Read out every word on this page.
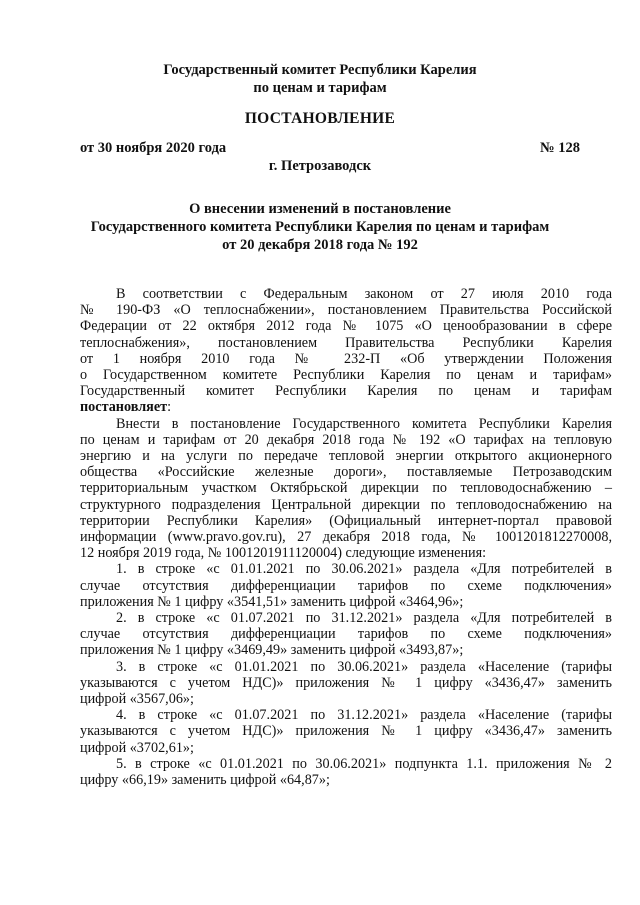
Государственный комитет Республики Карелия
по ценам и тарифам
ПОСТАНОВЛЕНИЕ
от 30 ноября 2020 года	№ 128
г. Петрозаводск
О внесении изменений в постановление
Государственного комитета Республики Карелия по ценам и тарифам
от 20 декабря 2018 года № 192
В соответствии с Федеральным законом от 27 июля 2010 года
№ 190-ФЗ «О теплоснабжении», постановлением Правительства Российской
Федерации от 22 октября 2012 года № 1075 «О ценообразовании в сфере
теплоснабжения», постановлением Правительства Республики Карелия
от 1 ноября 2010 года № 232-П «Об утверждении Положения
о Государственном комитете Республики Карелия по ценам и тарифам»
Государственный комитет Республики Карелия по ценам и тарифам
постановляет:
Внести в постановление Государственного комитета Республики Карелия
по ценам и тарифам от 20 декабря 2018 года № 192 «О тарифах на тепловую
энергию и на услуги по передаче тепловой энергии открытого акционерного
общества «Российские железные дороги», поставляемые Петрозаводским
территориальным участком Октябрьской дирекции по тепловодоснабжению –
структурного подразделения Центральной дирекции по тепловодоснабжению на
территории Республики Карелия» (Официальный интернет-портал правовой
информации (www.pravo.gov.ru), 27 декабря 2018 года, № 1001201812270008,
12 ноября 2019 года, № 1001201911120004) следующие изменения:
1. в строке «с 01.01.2021 по 30.06.2021» раздела «Для потребителей в
случае отсутствия дифференциации тарифов по схеме подключения»
приложения № 1 цифру «3541,51» заменить цифрой «3464,96»;
2. в строке «с 01.07.2021 по 31.12.2021» раздела «Для потребителей в
случае отсутствия дифференциации тарифов по схеме подключения»
приложения № 1 цифру «3469,49» заменить цифрой «3493,87»;
3. в строке «с 01.01.2021 по 30.06.2021» раздела «Население (тарифы
указываются с учетом НДС)» приложения № 1 цифру «3436,47» заменить
цифрой «3567,06»;
4. в строке «с 01.07.2021 по 31.12.2021» раздела «Население (тарифы
указываются с учетом НДС)» приложения № 1 цифру «3436,47» заменить
цифрой «3702,61»;
5. в строке «с 01.01.2021 по 30.06.2021» подпункта 1.1. приложения № 2
цифру «66,19» заменить цифрой «64,87»;
